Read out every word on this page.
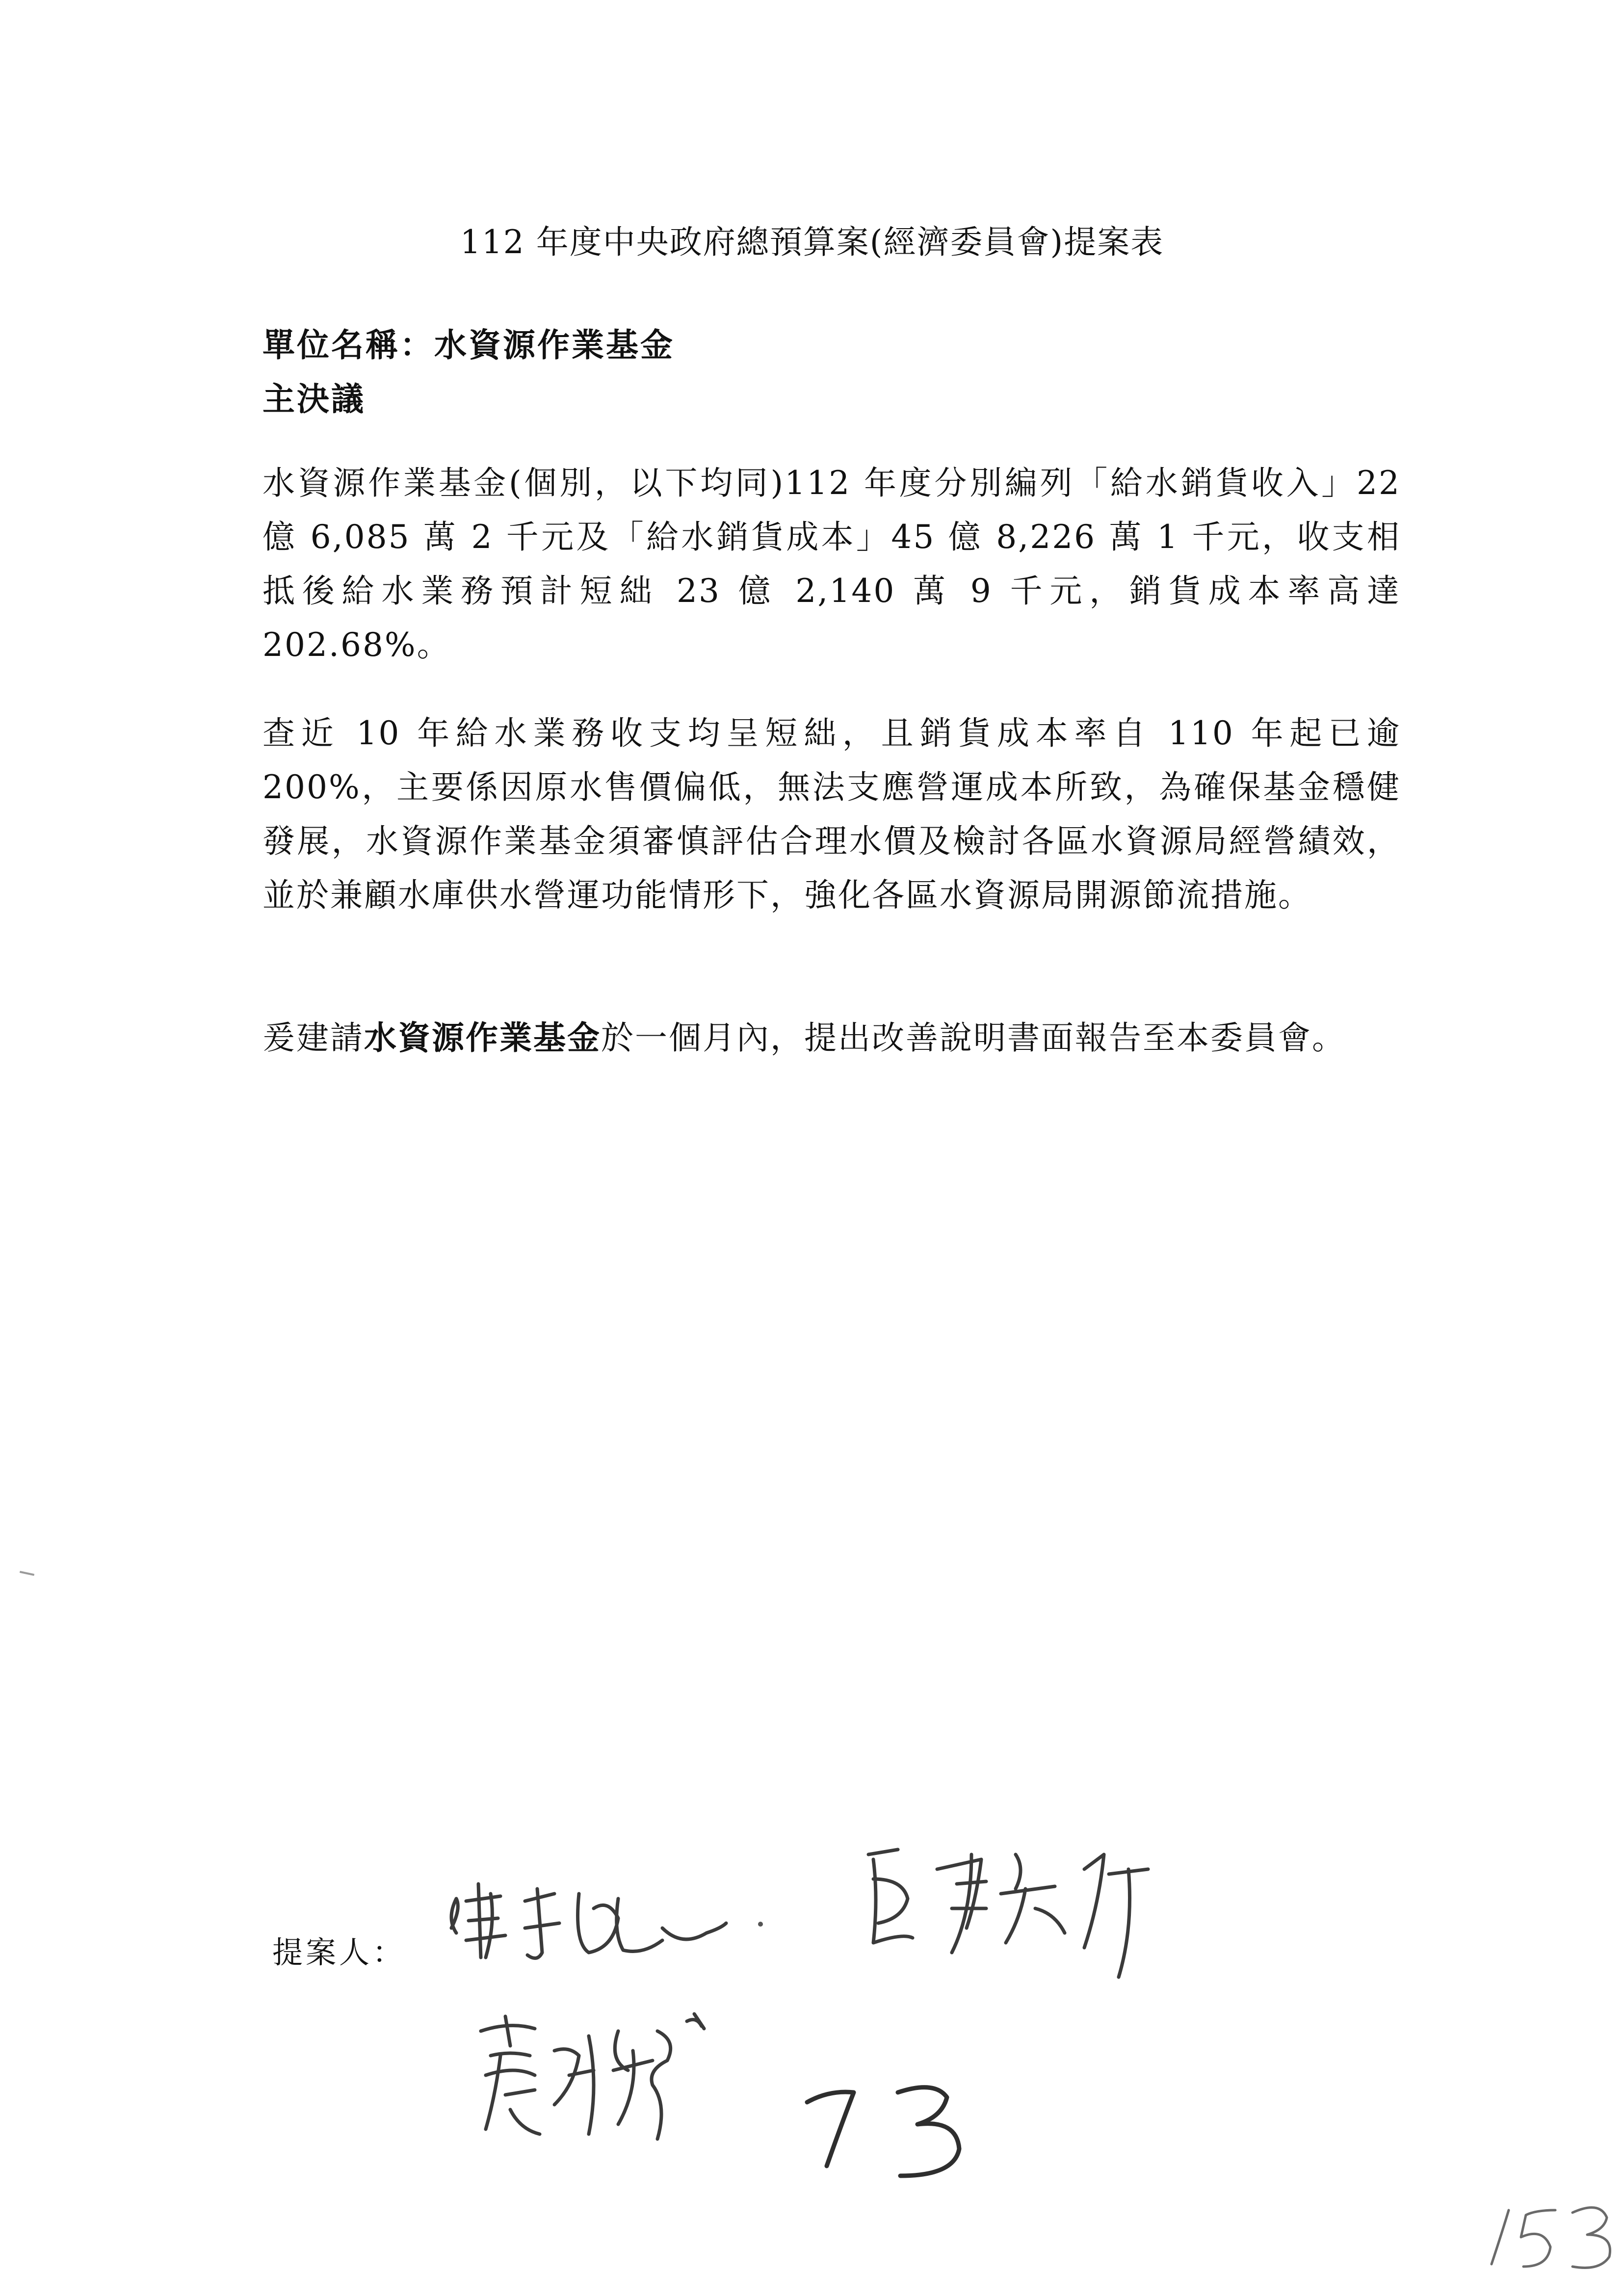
112 年度中央政府總預算案(經濟委員會)提案表
單位名稱：水資源作業基金
主決議
水資源作業基金(個別，以下均同)112 年度分別編列「給水銷貨收入」22 億 6,085 萬 2 千元及「給水銷貨成本」45 億 8,226 萬 1 千元，收支相抵後給水業務預計短絀 23 億 2,140 萬 9 千元，銷貨成本率高達 202.68%。
查近 10 年給水業務收支均呈短絀，且銷貨成本率自 110 年起已逾 200%，主要係因原水售價偏低，無法支應營運成本所致，為確保基金穩健發展，水資源作業基金須審慎評估合理水價及檢討各區水資源局經營績效，並於兼顧水庫供水營運功能情形下，強化各區水資源局開源節流措施。
爰建請水資源作業基金於一個月內，提出改善說明書面報告至本委員會。
提案人：
